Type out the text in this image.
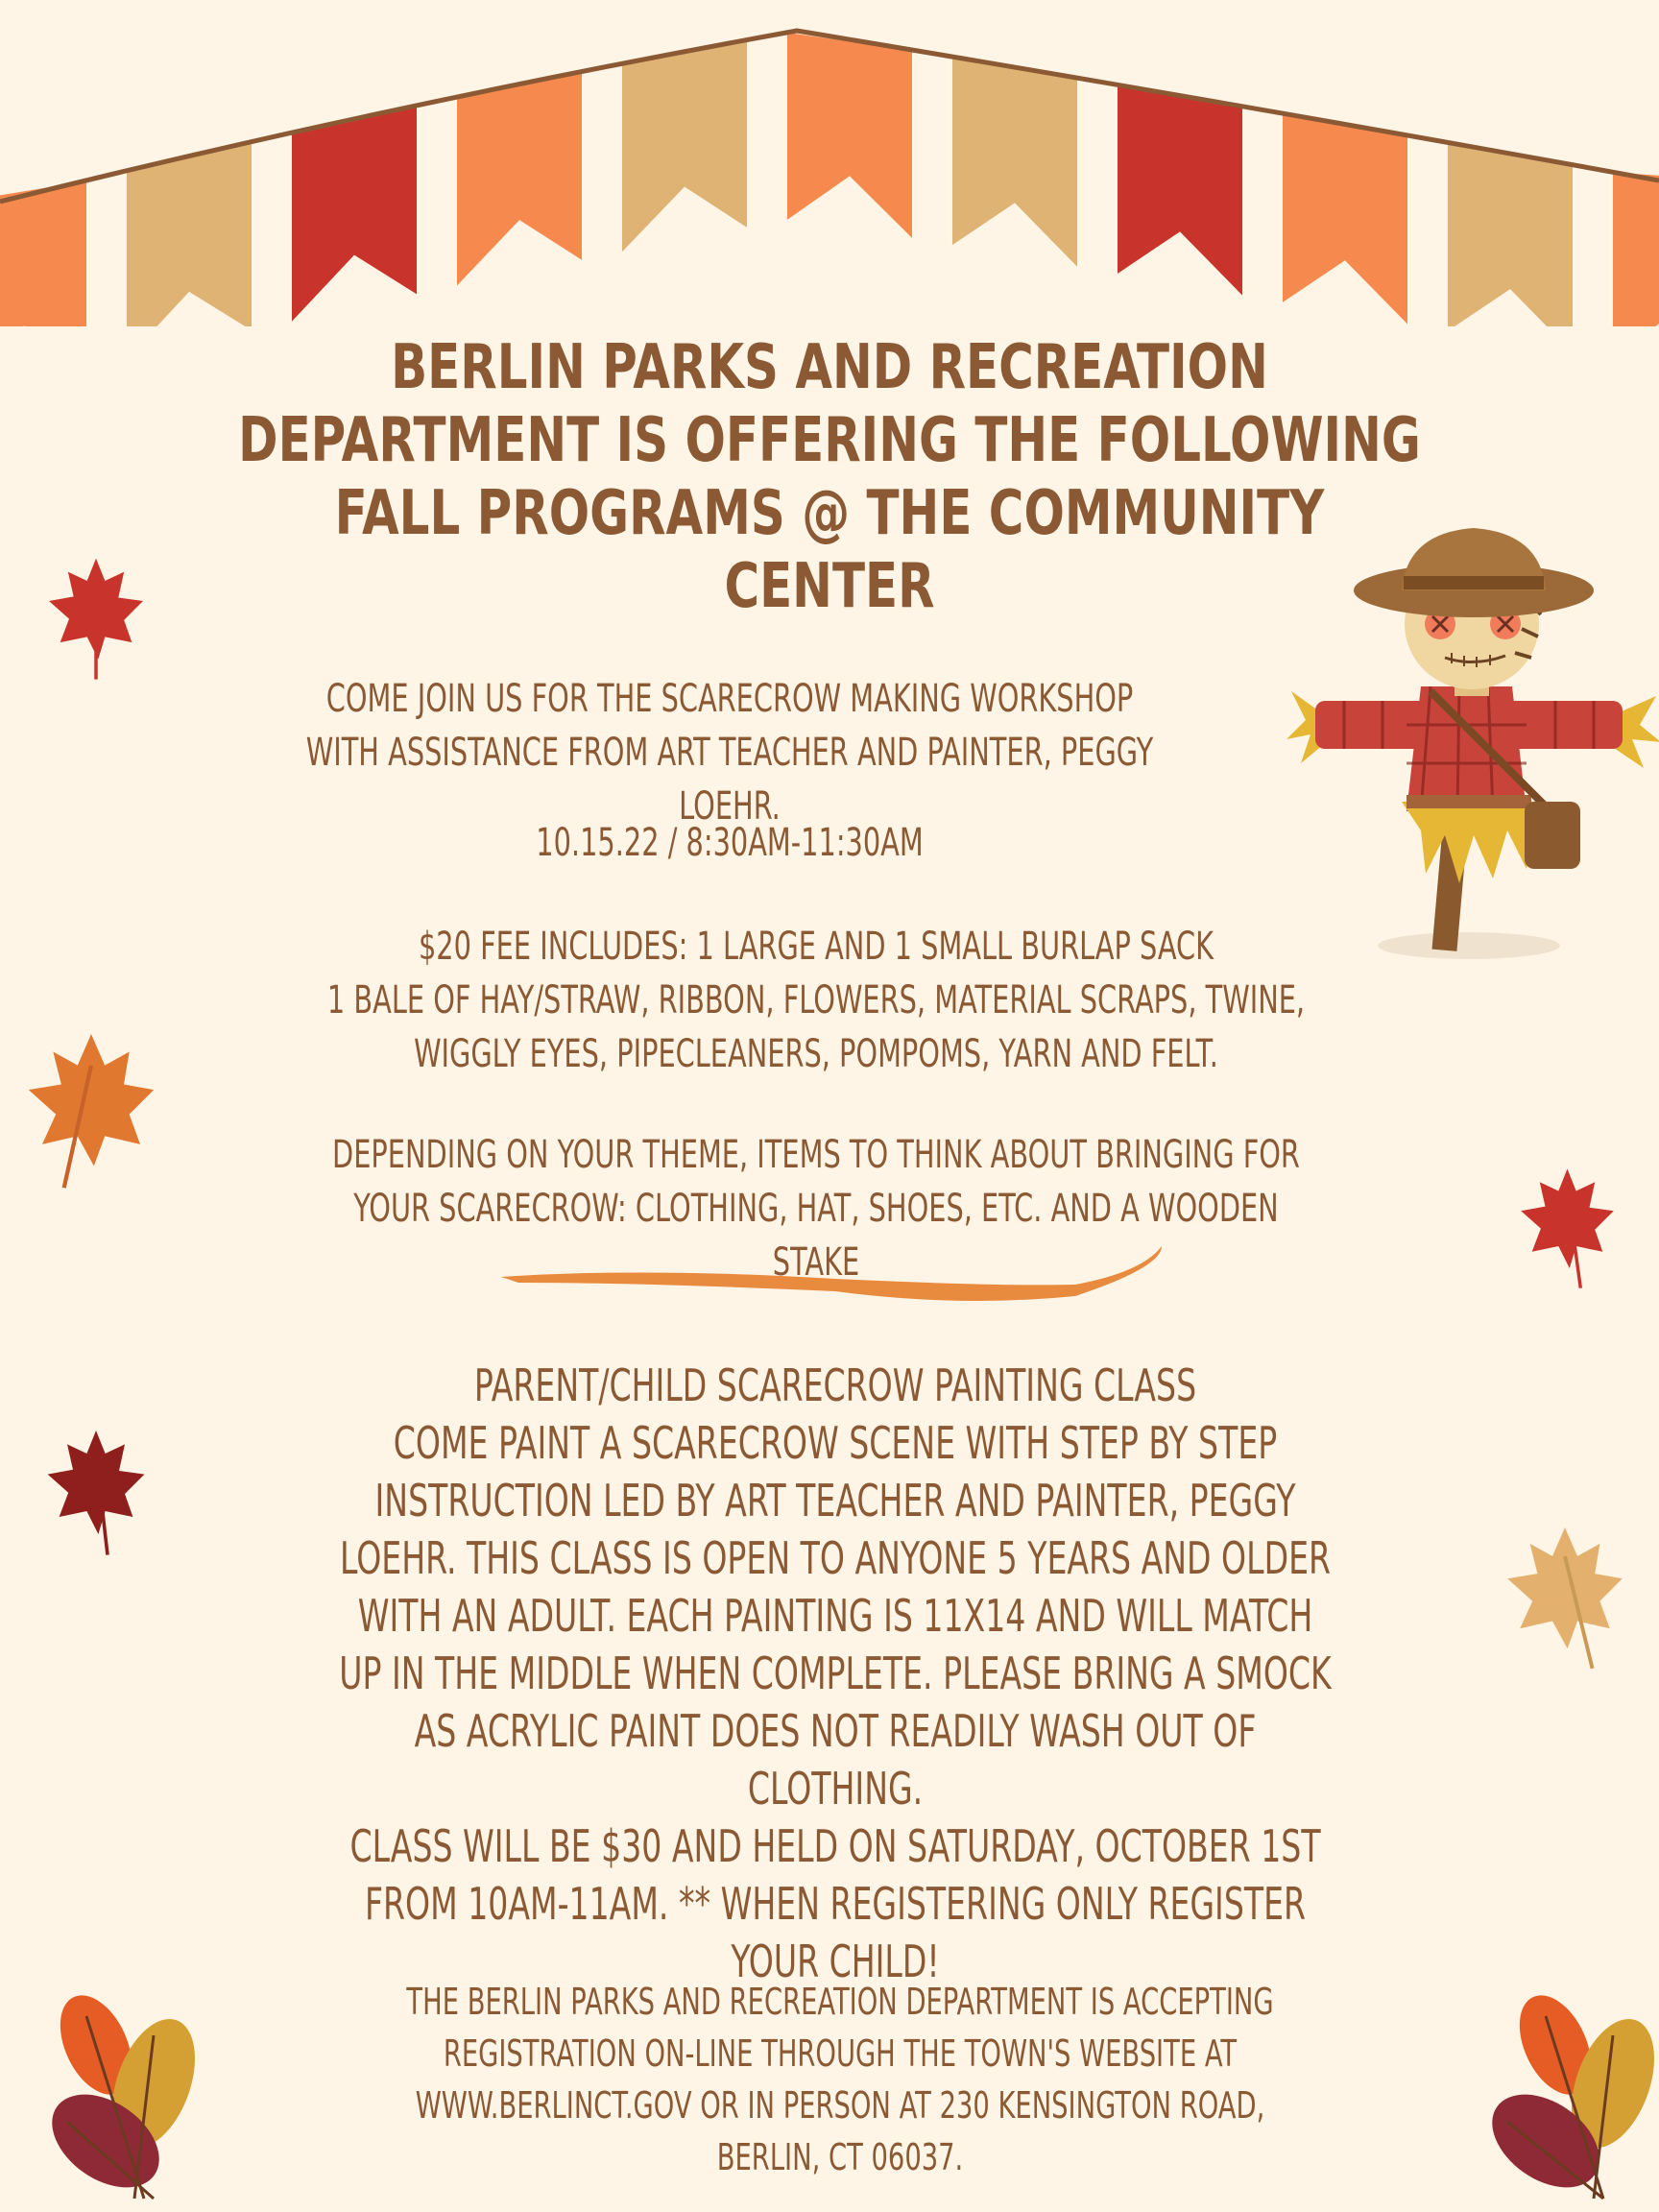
BERLIN PARKS AND RECREATION DEPARTMENT IS OFFERING THE FOLLOWING FALL PROGRAMS @ THE COMMUNITY CENTER
COME JOIN US FOR THE SCARECROW MAKING WORKSHOP WITH ASSISTANCE FROM ART TEACHER AND PAINTER, PEGGY LOEHR.
10.15.22 / 8:30AM-11:30AM
$20 FEE INCLUDES: 1 LARGE AND 1 SMALL BURLAP SACK
1 BALE OF HAY/STRAW, RIBBON, FLOWERS, MATERIAL SCRAPS, TWINE, WIGGLY EYES, PIPECLEANERS, POMPOMS, YARN AND FELT.
DEPENDING ON YOUR THEME, ITEMS TO THINK ABOUT BRINGING FOR YOUR SCARECROW: CLOTHING, HAT, SHOES, ETC. AND A WOODEN STAKE
PARENT/CHILD SCARECROW PAINTING CLASS
COME PAINT A SCARECROW SCENE WITH STEP BY STEP INSTRUCTION LED BY ART TEACHER AND PAINTER, PEGGY LOEHR. THIS CLASS IS OPEN TO ANYONE 5 YEARS AND OLDER WITH AN ADULT. EACH PAINTING IS 11X14 AND WILL MATCH UP IN THE MIDDLE WHEN COMPLETE. PLEASE BRING A SMOCK AS ACRYLIC PAINT DOES NOT READILY WASH OUT OF CLOTHING.
CLASS WILL BE $30 AND HELD ON SATURDAY, OCTOBER 1ST FROM 10AM-11AM. ** WHEN REGISTERING ONLY REGISTER YOUR CHILD!
THE BERLIN PARKS AND RECREATION DEPARTMENT IS ACCEPTING REGISTRATION ON-LINE THROUGH THE TOWN'S WEBSITE AT WWW.BERLINCT.GOV OR IN PERSON AT 230 KENSINGTON ROAD, BERLIN, CT 06037.
